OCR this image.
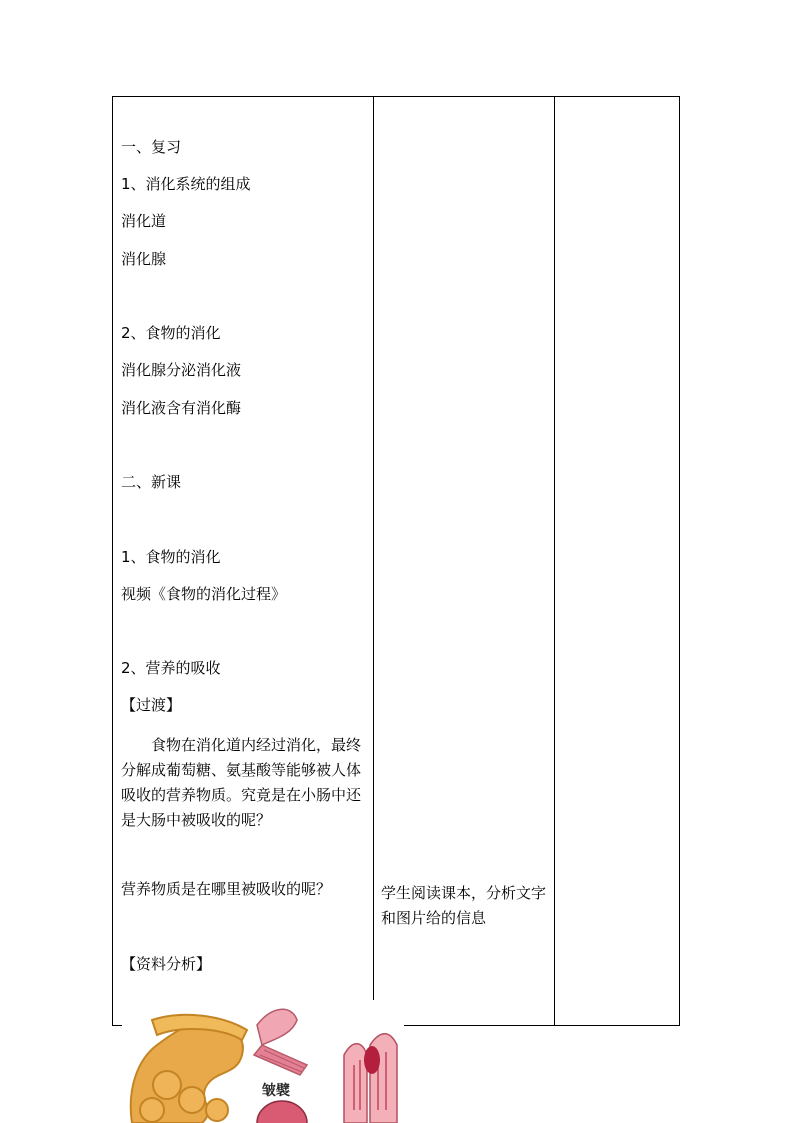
一、复习
1、消化系统的组成
消化道
消化腺
2、食物的消化
消化腺分泌消化液
消化液含有消化酶
二、新课
1、食物的消化
视频《食物的消化过程》
2、营养的吸收
【过渡】
食物在消化道内经过消化，最终分解成葡萄糖、氨基酸等能够被人体吸收的营养物质。究竟是在小肠中还是大肠中被吸收的呢？
营养物质是在哪里被吸收的呢？
【资料分析】
学生阅读课本，分析文字和图片给的信息
皱襞
